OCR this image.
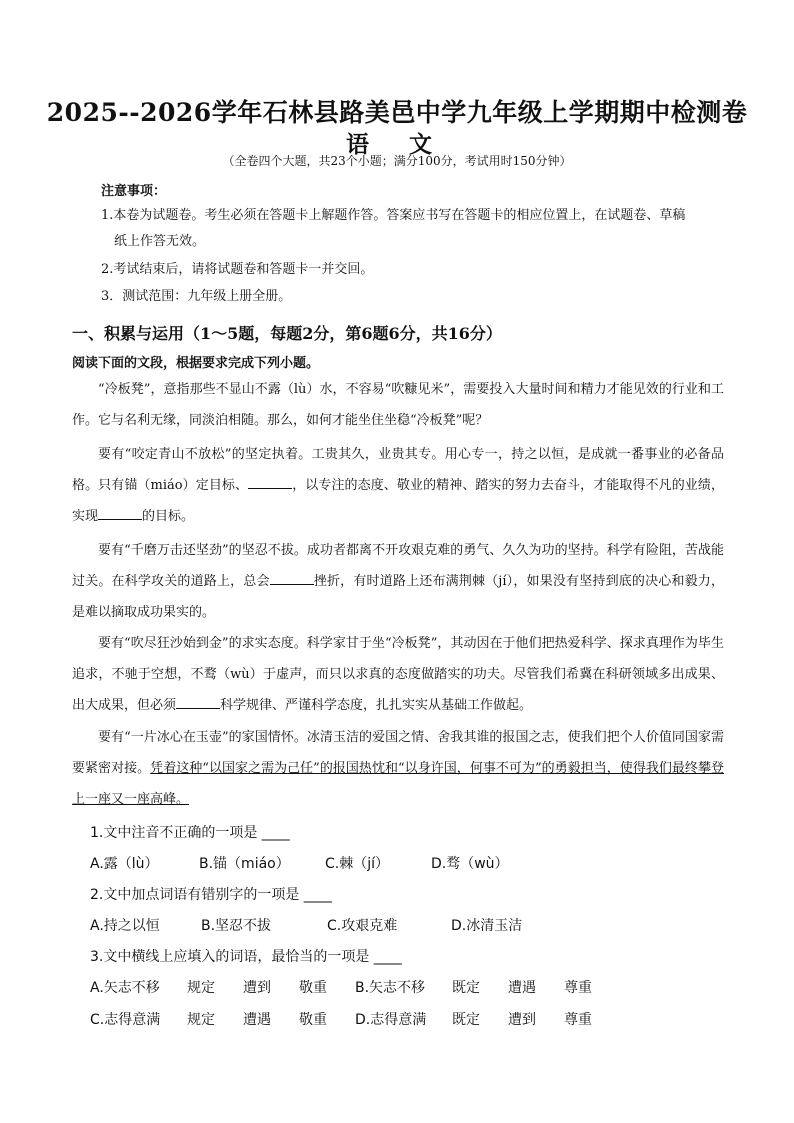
2025--2026学年石林县路美邑中学九年级上学期期中检测卷
语 文
（全卷四个大题，共23个小题；满分100分，考试用时150分钟）
注意事项：
1.本卷为试题卷。考生必须在答题卡上解题作答。答案应书写在答题卡的相应位置上，在试题卷、草稿
纸上作答无效。
2.考试结束后，请将试题卷和答题卡一并交回。
3．测试范围：九年级上册全册。
一、积累与运用（1～5题，每题2分，第6题6分，共16分）
阅读下面的文段，根据要求完成下列小题。
“冷板凳”，意指那些不显山不露（lù）水，不容易“吹糠见米”，需要投入大量时间和精力才能见效的行业和工作。它与名利无缘，同淡泊相随。那么，如何才能坐住坐稳“冷板凳”呢？
要有“咬定青山不放松”的坚定执着。工贵其久，业贵其专。用心专一，持之以恒，是成就一番事业的必备品格。只有锚（miáo）定目标、	，以专注的态度、敬业的精神、踏实的努力去奋斗，才能取得不凡的业绩，实现	的目标。
要有“千磨万击还坚劲”的坚忍不拔。成功者都离不开攻艰克难的勇气、久久为功的坚持。科学有险阻，苦战能过关。在科学攻关的道路上，总会	挫折，有时道路上还布满荆棘（jí），如果没有坚持到底的决心和毅力，是难以摘取成功果实的。
要有“吹尽狂沙始到金”的求实态度。科学家甘于坐“冷板凳”，其动因在于他们把热爱科学、探求真理作为毕生追求，不驰于空想，不鹜（wù）于虚声，而只以求真的态度做踏实的功夫。尽管我们希冀在科研领域多出成果、出大成果，但必须	科学规律、严谨科学态度，扎扎实实从基础工作做起。
要有“一片冰心在玉壶”的家国情怀。冰清玉洁的爱国之情、舍我其谁的报国之志，使我们把个人价值同国家需要紧密对接。凭着这种“以国家之需为己任”的报国热忱和“以身许国，何事不可为”的勇毅担当，使得我们最终攀登上一座又一座高峰。
1.文中注音不正确的一项是 ____
A.露（lù）	B.锚（miáo）	C.棘（jí）	D.骛（wù）
2.文中加点词语有错别字的一项是 ____
A.持之以恒	B.坚忍不拔	C.攻艰克难	D.冰清玉洁
3.文中横线上应填入的词语，最恰当的一项是 ____
A.矢志不移 规定 遭到 敬重 B.矢志不移 既定 遭遇 尊重
C.志得意满 规定 遭遇 敬重 D.志得意满 既定 遭到 尊重
